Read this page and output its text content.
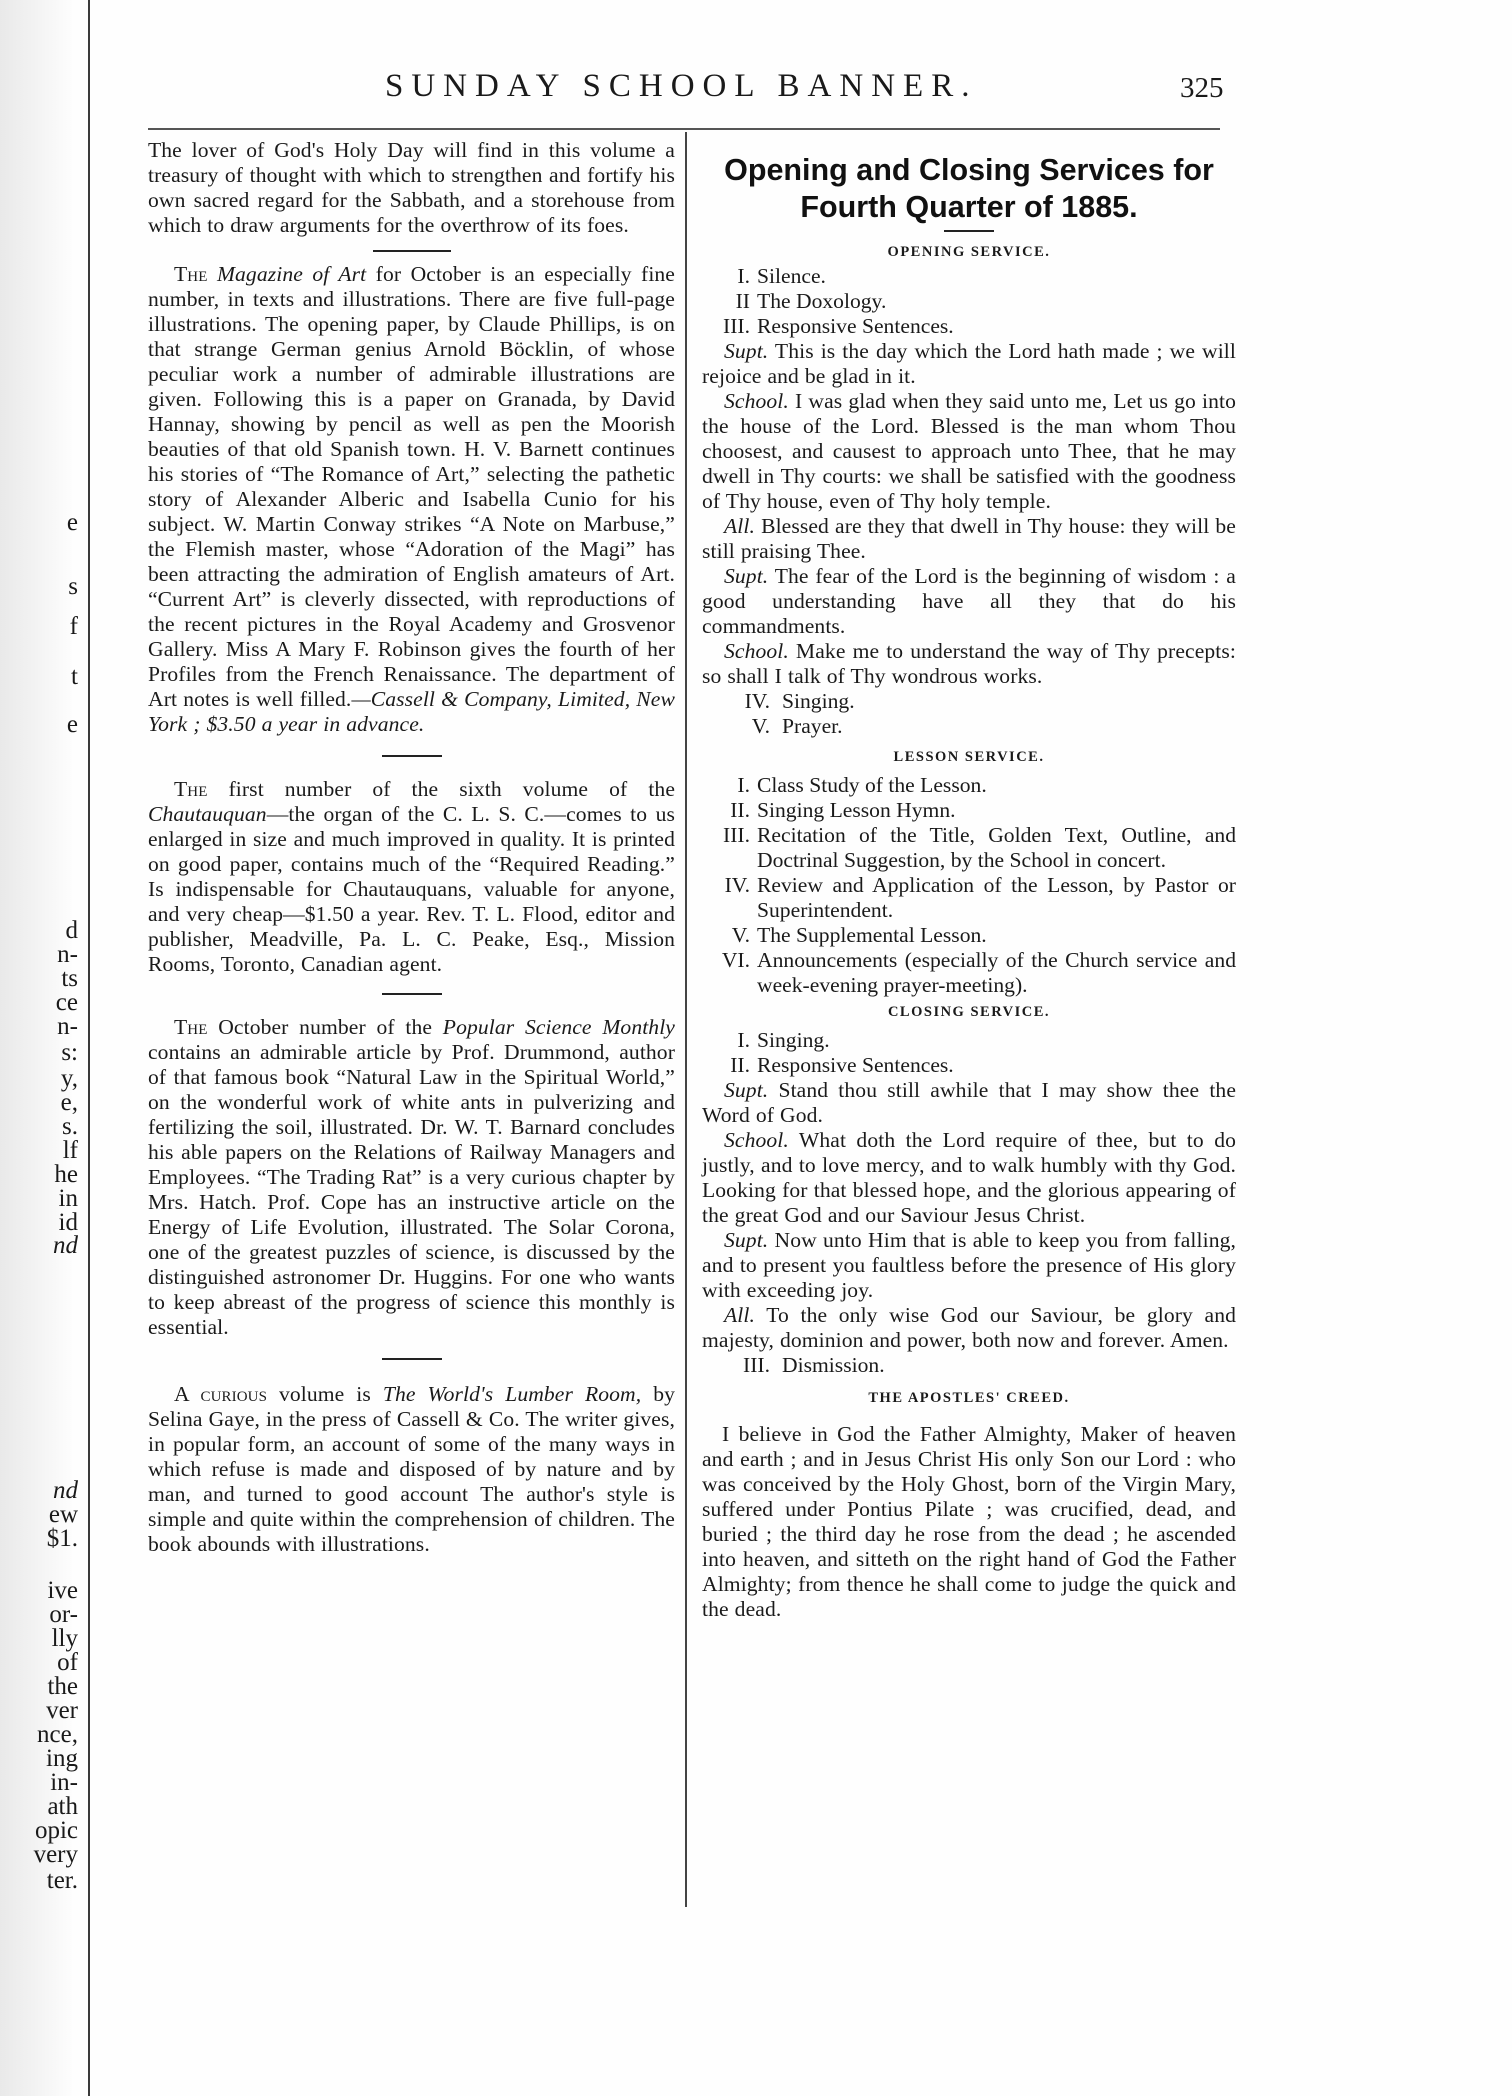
e
s
f
t
e
d
n-
ts
ce
n-
s:
y,
e,
s.
lf
he
in
id
nd
nd
ew
$1.
ive
or-
lly
of
the
ver
nce,
ing
in-
ath
opic
very
ter.
SUNDAY SCHOOL BANNER.	325

The lover of God's Holy Day will find in this volume a treasury of thought with which to strengthen and fortify his own sacred regard for the Sabbath, and a storehouse from which to draw arguments for the overthrow of its foes.

The Magazine of Art for October is an especially fine number, in texts and illustrations. There are five full-page illustrations. The opening paper, by Claude Phillips, is on that strange German genius Arnold Böcklin, of whose peculiar work a number of admirable illustrations are given. Following this is a paper on Granada, by David Hannay, showing by pencil as well as pen the Moorish beauties of that old Spanish town. H. V. Barnett continues his stories of “The Romance of Art,” selecting the pathetic story of Alexander Alberic and Isabella Cunio for his subject. W. Martin Conway strikes “A Note on Marbuse,” the Flemish master, whose “Adoration of the Magi” has been attracting the admiration of English amateurs of Art. “Current Art” is cleverly dissected, with reproductions of the recent pictures in the Royal Academy and Grosvenor Gallery. Miss A Mary F. Robinson gives the fourth of her Profiles from the French Renaissance. The department of Art notes is well filled.—Cassell & Company, Limited, New York ; $3.50 a year in advance.

The first number of the sixth volume of the Chautauquan—the organ of the C. L. S. C.—comes to us enlarged in size and much improved in quality. It is printed on good paper, contains much of the “Required Reading.” Is indispensable for Chautauquans, valuable for anyone, and very cheap—$1.50 a year. Rev. T. L. Flood, editor and publisher, Meadville, Pa. L. C. Peake, Esq., Mission Rooms, Toronto, Canadian agent.

The October number of the Popular Science Monthly contains an admirable article by Prof. Drummond, author of that famous book “Natural Law in the Spiritual World,” on the wonderful work of white ants in pulverizing and fertilizing the soil, illustrated. Dr. W. T. Barnard concludes his able papers on the Relations of Railway Managers and Employees. “The Trading Rat” is a very curious chapter by Mrs. Hatch. Prof. Cope has an instructive article on the Energy of Life Evolution, illustrated. The Solar Corona, one of the greatest puzzles of science, is discussed by the distinguished astronomer Dr. Huggins. For one who wants to keep abreast of the progress of science this monthly is essential.

A curious volume is The World's Lumber Room, by Selina Gaye, in the press of Cassell & Co. The writer gives, in popular form, an account of some of the many ways in which refuse is made and disposed of by nature and by man, and turned to good account The author's style is simple and quite within the comprehension of children. The book abounds with illustrations.

Opening and Closing Services for Fourth Quarter of 1885.
OPENING SERVICE.
I. Silence.
II The Doxology.
III. Responsive Sentences.

Supt. This is the day which the Lord hath made ; we will rejoice and be glad in it.

School. I was glad when they said unto me, Let us go into the house of the Lord. Blessed is the man whom Thou choosest, and causest to approach unto Thee, that he may dwell in Thy courts: we shall be satisfied with the goodness of Thy house, even of Thy holy temple.

All. Blessed are they that dwell in Thy house: they will be still praising Thee.

Supt. The fear of the Lord is the beginning of wisdom : a good understanding have all they that do his commandments.

School. Make me to understand the way of Thy precepts: so shall I talk of Thy wondrous works.

IV. Singing.
V. Prayer.
LESSON SERVICE.
I. Class Study of the Lesson.
II. Singing Lesson Hymn.
III. Recitation of the Title, Golden Text, Outline, and Doctrinal Suggestion, by the School in concert.
IV. Review and Application of the Lesson, by Pastor or Superintendent.
V. The Supplemental Lesson.
VI. Announcements (especially of the Church service and week-evening prayer-meeting).
CLOSING SERVICE.
I. Singing.
II. Responsive Sentences.

Supt. Stand thou still awhile that I may show thee the Word of God.

School. What doth the Lord require of thee, but to do justly, and to love mercy, and to walk humbly with thy God. Looking for that blessed hope, and the glorious appearing of the great God and our Saviour Jesus Christ.

Supt. Now unto Him that is able to keep you from falling, and to present you faultless before the presence of His glory with exceeding joy.

All. To the only wise God our Saviour, be glory and majesty, dominion and power, both now and forever. Amen.

III. Dismission.
THE APOSTLES' CREED.

I believe in God the Father Almighty, Maker of heaven and earth ; and in Jesus Christ His only Son our Lord : who was conceived by the Holy Ghost, born of the Virgin Mary, suffered under Pontius Pilate ; was crucified, dead, and buried ; the third day he rose from the dead ; he ascended into heaven, and sitteth on the right hand of God the Father Almighty; from thence he shall come to judge the quick and the dead.
